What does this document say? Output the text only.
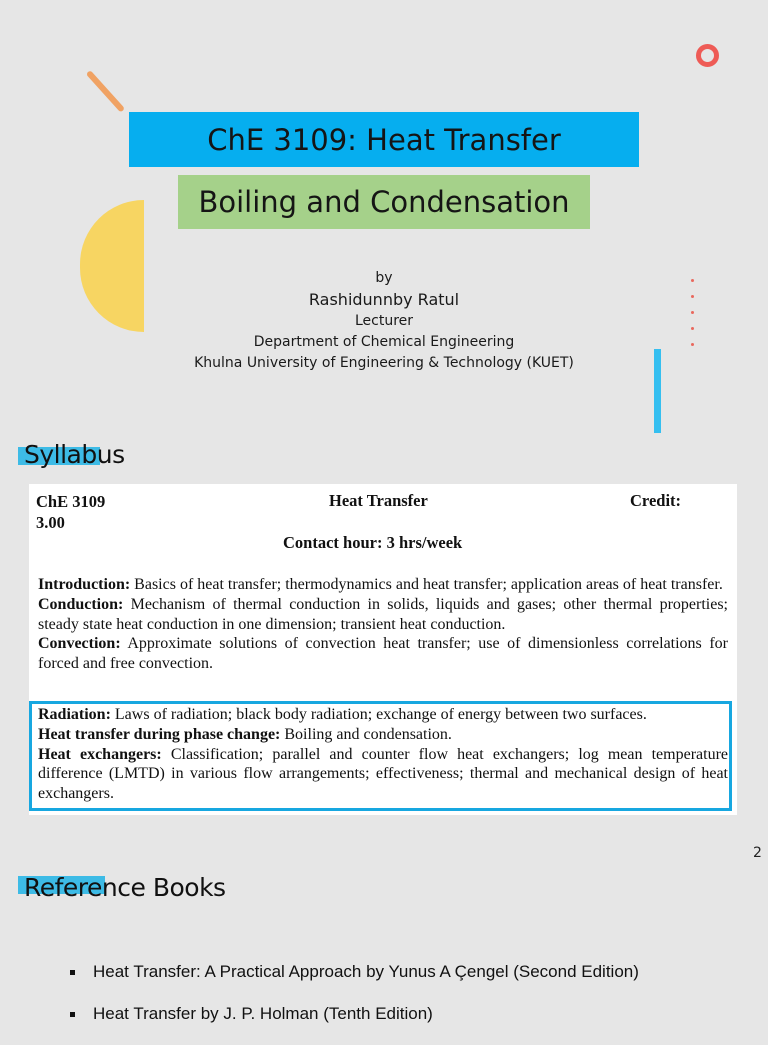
ChE 3109: Heat Transfer
Boiling and Condensation
by
Rashidunnby Ratul
Lecturer
Department of Chemical Engineering
Khulna University of Engineering & Technology (KUET)
Syllabus
ChE 3109	Heat Transfer	Credit:
3.00
Contact hour: 3 hrs/week
Introduction: Basics of heat transfer; thermodynamics and heat transfer; application areas of heat transfer.
Conduction: Mechanism of thermal conduction in solids, liquids and gases; other thermal properties; steady state heat conduction in one dimension; transient heat conduction.
Convection: Approximate solutions of convection heat transfer; use of dimensionless correlations for forced and free convection.
Radiation: Laws of radiation; black body radiation; exchange of energy between two surfaces.
Heat transfer during phase change: Boiling and condensation.
Heat exchangers: Classification; parallel and counter flow heat exchangers; log mean temperature difference (LMTD) in various flow arrangements; effectiveness; thermal and mechanical design of heat exchangers.
2
Reference Books
Heat Transfer: A Practical Approach by Yunus A Çengel (Second Edition)
Heat Transfer by J. P. Holman (Tenth Edition)
